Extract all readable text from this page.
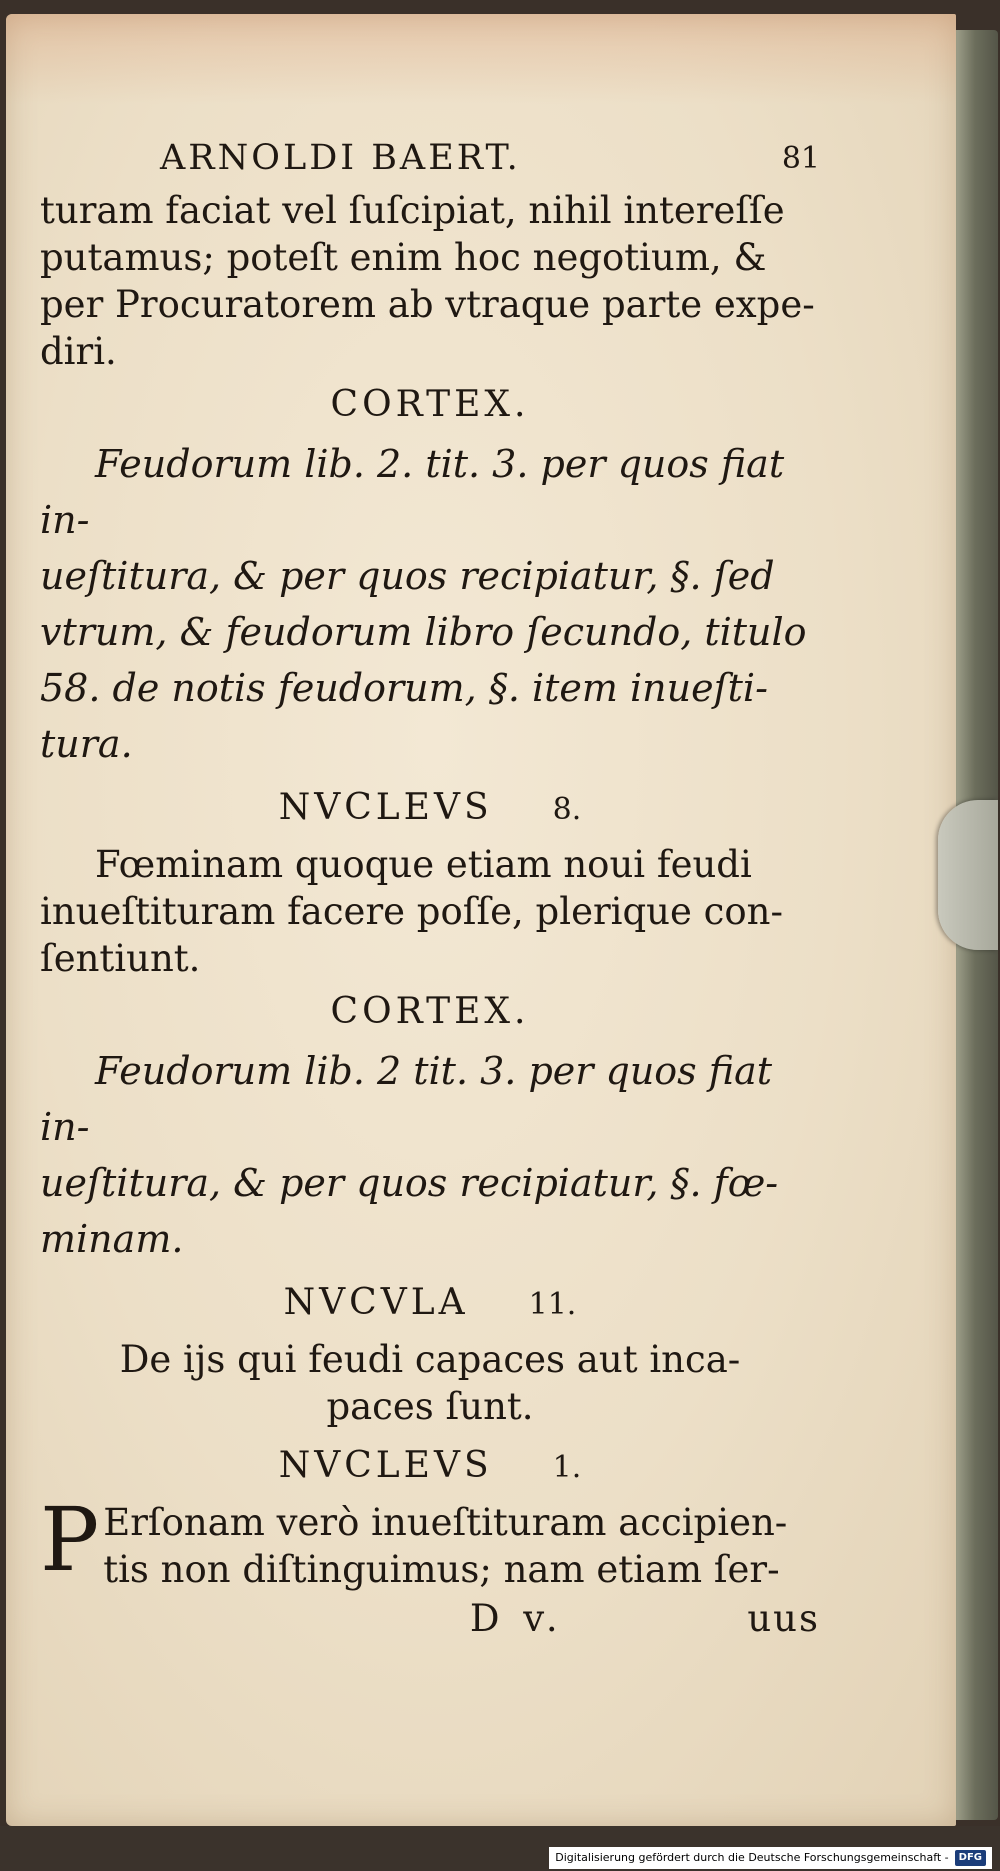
ARNOLDI BAERT.	81

turam faciat vel ſuſcipiat, nihil intereſſe
putamus; poteſt enim hoc negotium, &
per Procuratorem ab vtraque parte expe-
diri.

CORTEX.

Feudorum lib. 2. tit. 3. per quos fiat in-
ueſtitura, & per quos recipiatur, §. ſed
vtrum, & feudorum libro ſecundo, titulo
58. de notis feudorum, §. item inueſti-
tura.

NVCLEVS 8.

Fœminam quoque etiam noui feudi
inueſtituram facere poſſe, plerique con-
ſentiunt.

CORTEX.

Feudorum lib. 2 tit. 3. per quos fiat in-
ueſtitura, & per quos recipiatur, §. fœ-
minam.

NVCVLA 11.

De ijs qui feudi capaces aut inca-
paces ſunt.

NVCLEVS 1.

P Erſonam verò inueſtituram accipien-
tis non diſtinguimus; nam etiam ſer-

D v.	uus
Digitalisierung gefördert durch die Deutsche Forschungsgemeinschaft -	DFG
